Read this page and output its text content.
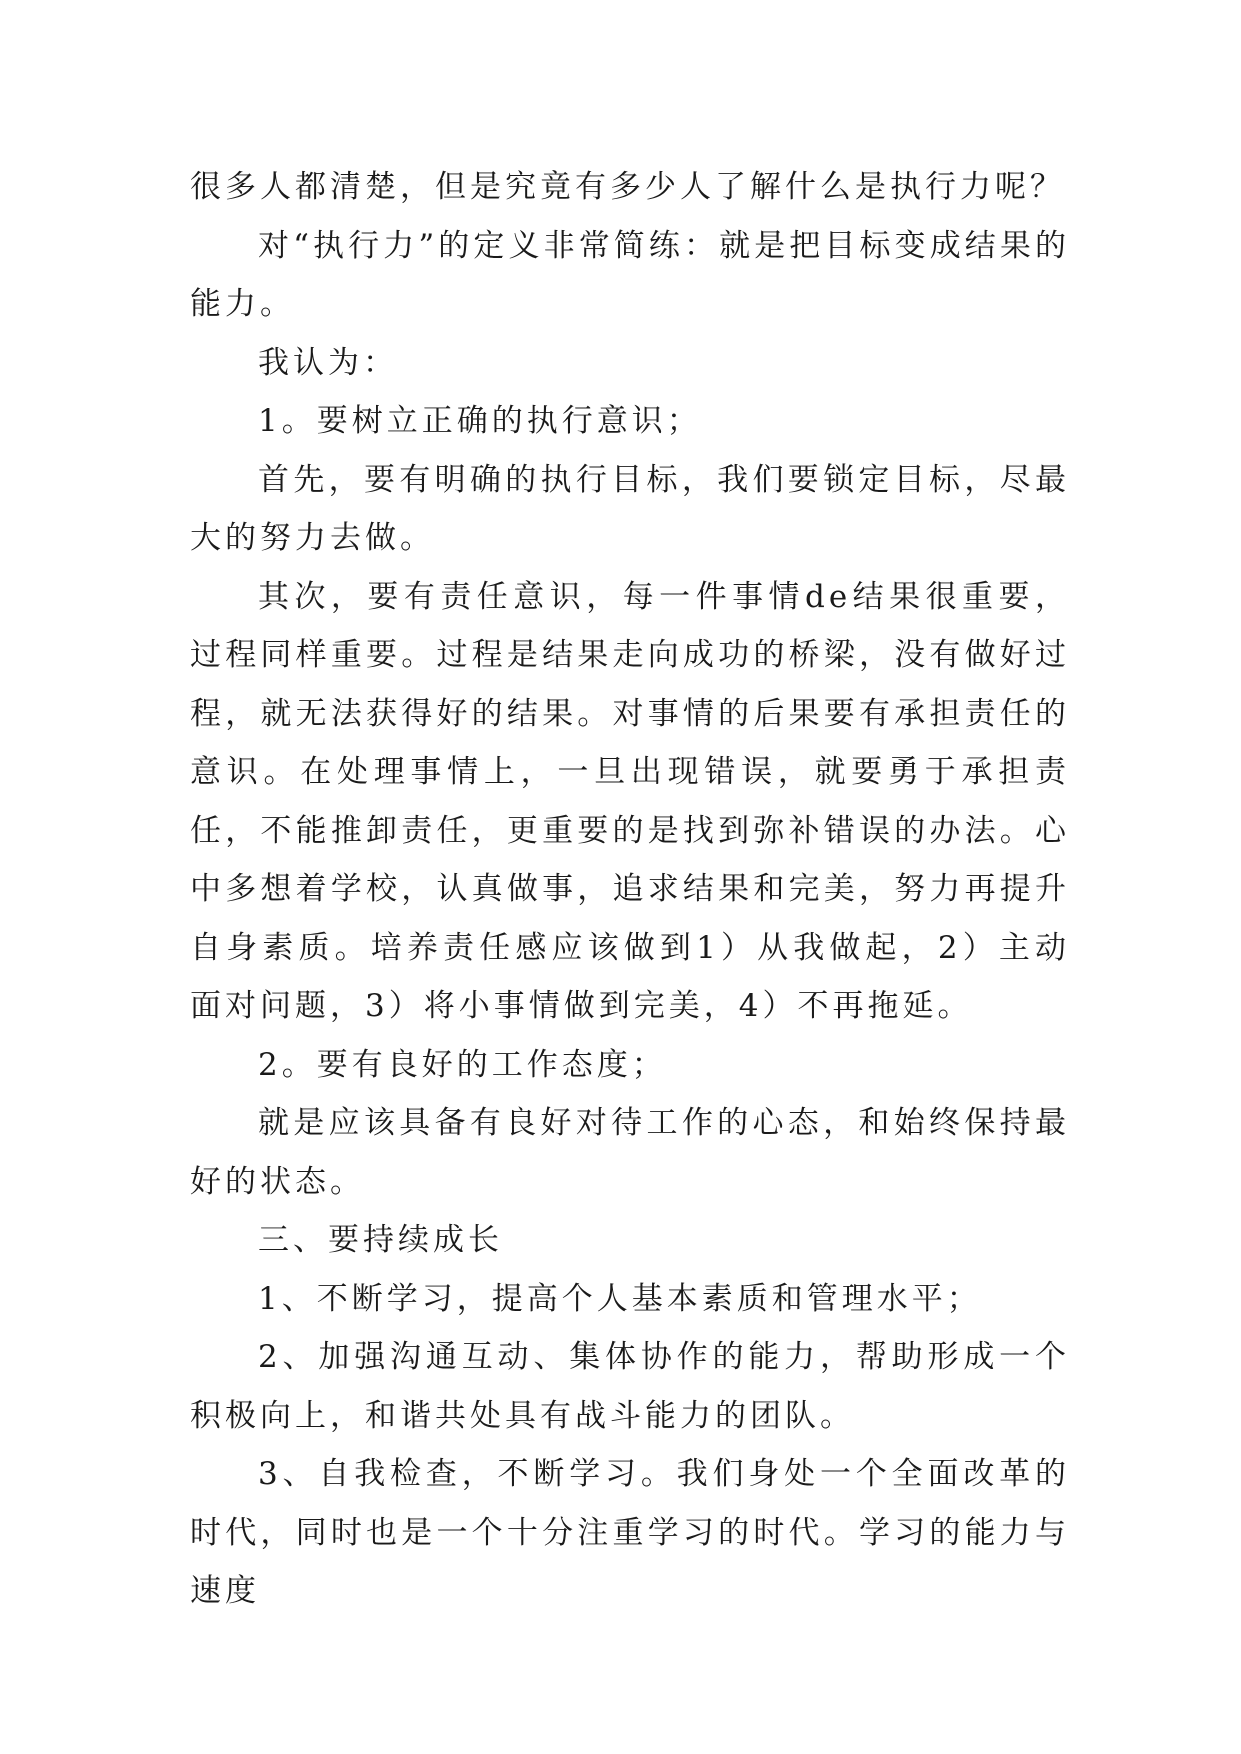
很多人都清楚，但是究竟有多少人了解什么是执行力呢？

对“执行力”的定义非常简练：就是把目标变成结果的能力。

我认为：

1。要树立正确的执行意识；

首先，要有明确的执行目标，我们要锁定目标，尽最大的努力去做。

其次，要有责任意识，每一件事情de结果很重要，过程同样重要。过程是结果走向成功的桥梁，没有做好过程，就无法获得好的结果。对事情的后果要有承担责任的意识。在处理事情上，一旦出现错误，就要勇于承担责任，不能推卸责任，更重要的是找到弥补错误的办法。心中多想着学校，认真做事，追求结果和完美，努力再提升自身素质。培养责任感应该做到1）从我做起，2）主动面对问题，3）将小事情做到完美，4）不再拖延。

2。要有良好的工作态度；

就是应该具备有良好对待工作的心态，和始终保持最好的状态。

三、要持续成长

1、不断学习，提高个人基本素质和管理水平；

2、加强沟通互动、集体协作的能力，帮助形成一个积极向上，和谐共处具有战斗能力的团队。

3、自我检查，不断学习。我们身处一个全面改革的时代，同时也是一个十分注重学习的时代。学习的能力与速度
